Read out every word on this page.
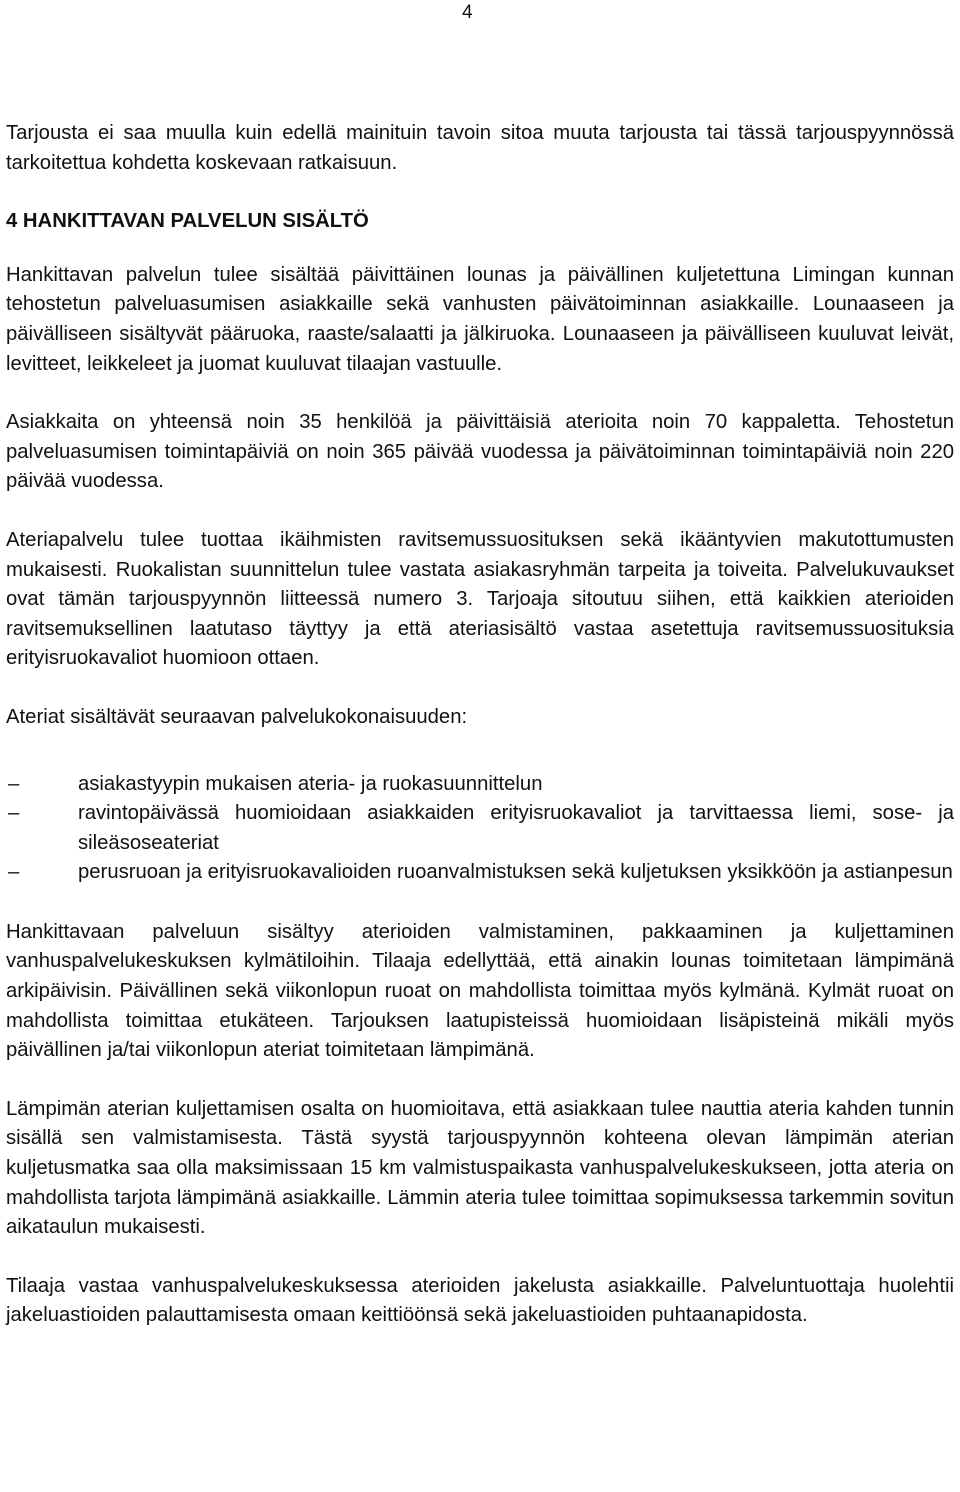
4

Tarjousta ei saa muulla kuin edellä mainituin tavoin sitoa muuta tarjousta tai tässä tarjouspyynnössä tarkoitettua kohdetta koskevaan ratkaisuun.

4 HANKITTAVAN PALVELUN SISÄLTÖ

Hankittavan palvelun tulee sisältää päivittäinen lounas ja päivällinen kuljetettuna Limingan kunnan tehostetun palveluasumisen asiakkaille sekä vanhusten päivätoiminnan asiakkaille. Lounaaseen ja päivälliseen sisältyvät pääruoka, raaste/salaatti ja jälkiruoka. Lounaaseen ja päivälliseen kuuluvat leivät, levitteet, leikkeleet ja juomat kuuluvat tilaajan vastuulle.

Asiakkaita on yhteensä noin 35 henkilöä ja päivittäisiä aterioita noin 70 kappaletta. Tehostetun palveluasumisen toimintapäiviä on noin 365 päivää vuodessa ja päivätoiminnan toimintapäiviä noin 220 päivää vuodessa.

Ateriapalvelu tulee tuottaa ikäihmisten ravitsemussuosituksen sekä ikääntyvien makutottumusten mukaisesti. Ruokalistan suunnittelun tulee vastata asiakasryhmän tarpeita ja toiveita. Palvelukuvaukset ovat tämän tarjouspyynnön liitteessä numero 3. Tarjoaja sitoutuu siihen, että kaikkien aterioiden ravitsemuksellinen laatutaso täyttyy ja että ateriasisältö vastaa asetettuja ravitsemussuosituksia erityisruokavaliot huomioon ottaen.

Ateriat sisältävät seuraavan palvelukokonaisuuden:

–	asiakastyypin mukaisen ateria- ja ruokasuunnittelun
–	ravintopäivässä huomioidaan asiakkaiden erityisruokavaliot ja tarvittaessa liemi, sose- ja sileäsoseateriat
–	perusruoan ja erityisruokavalioiden ruoanvalmistuksen sekä kuljetuksen yksikköön ja astianpesun

Hankittavaan palveluun sisältyy aterioiden valmistaminen, pakkaaminen ja kuljettaminen vanhuspalvelukeskuksen kylmätiloihin. Tilaaja edellyttää, että ainakin lounas toimitetaan lämpimänä arkipäivisin. Päivällinen sekä viikonlopun ruoat on mahdollista toimittaa myös kylmänä. Kylmät ruoat on mahdollista toimittaa etukäteen. Tarjouksen laatupisteissä huomioidaan lisäpisteinä mikäli myös päivällinen ja/tai viikonlopun ateriat toimitetaan lämpimänä.

Lämpimän aterian kuljettamisen osalta on huomioitava, että asiakkaan tulee nauttia ateria kahden tunnin sisällä sen valmistamisesta. Tästä syystä tarjouspyynnön kohteena olevan lämpimän aterian kuljetusmatka saa olla maksimissaan 15 km valmistuspaikasta vanhuspalvelukeskukseen, jotta ateria on mahdollista tarjota lämpimänä asiakkaille. Lämmin ateria tulee toimittaa sopimuksessa tarkemmin sovitun aikataulun mukaisesti.

Tilaaja vastaa vanhuspalvelukeskuksessa aterioiden jakelusta asiakkaille. Palveluntuottaja huolehtii jakeluastioiden palauttamisesta omaan keittiöönsä sekä jakeluastioiden puhtaanapidosta.
